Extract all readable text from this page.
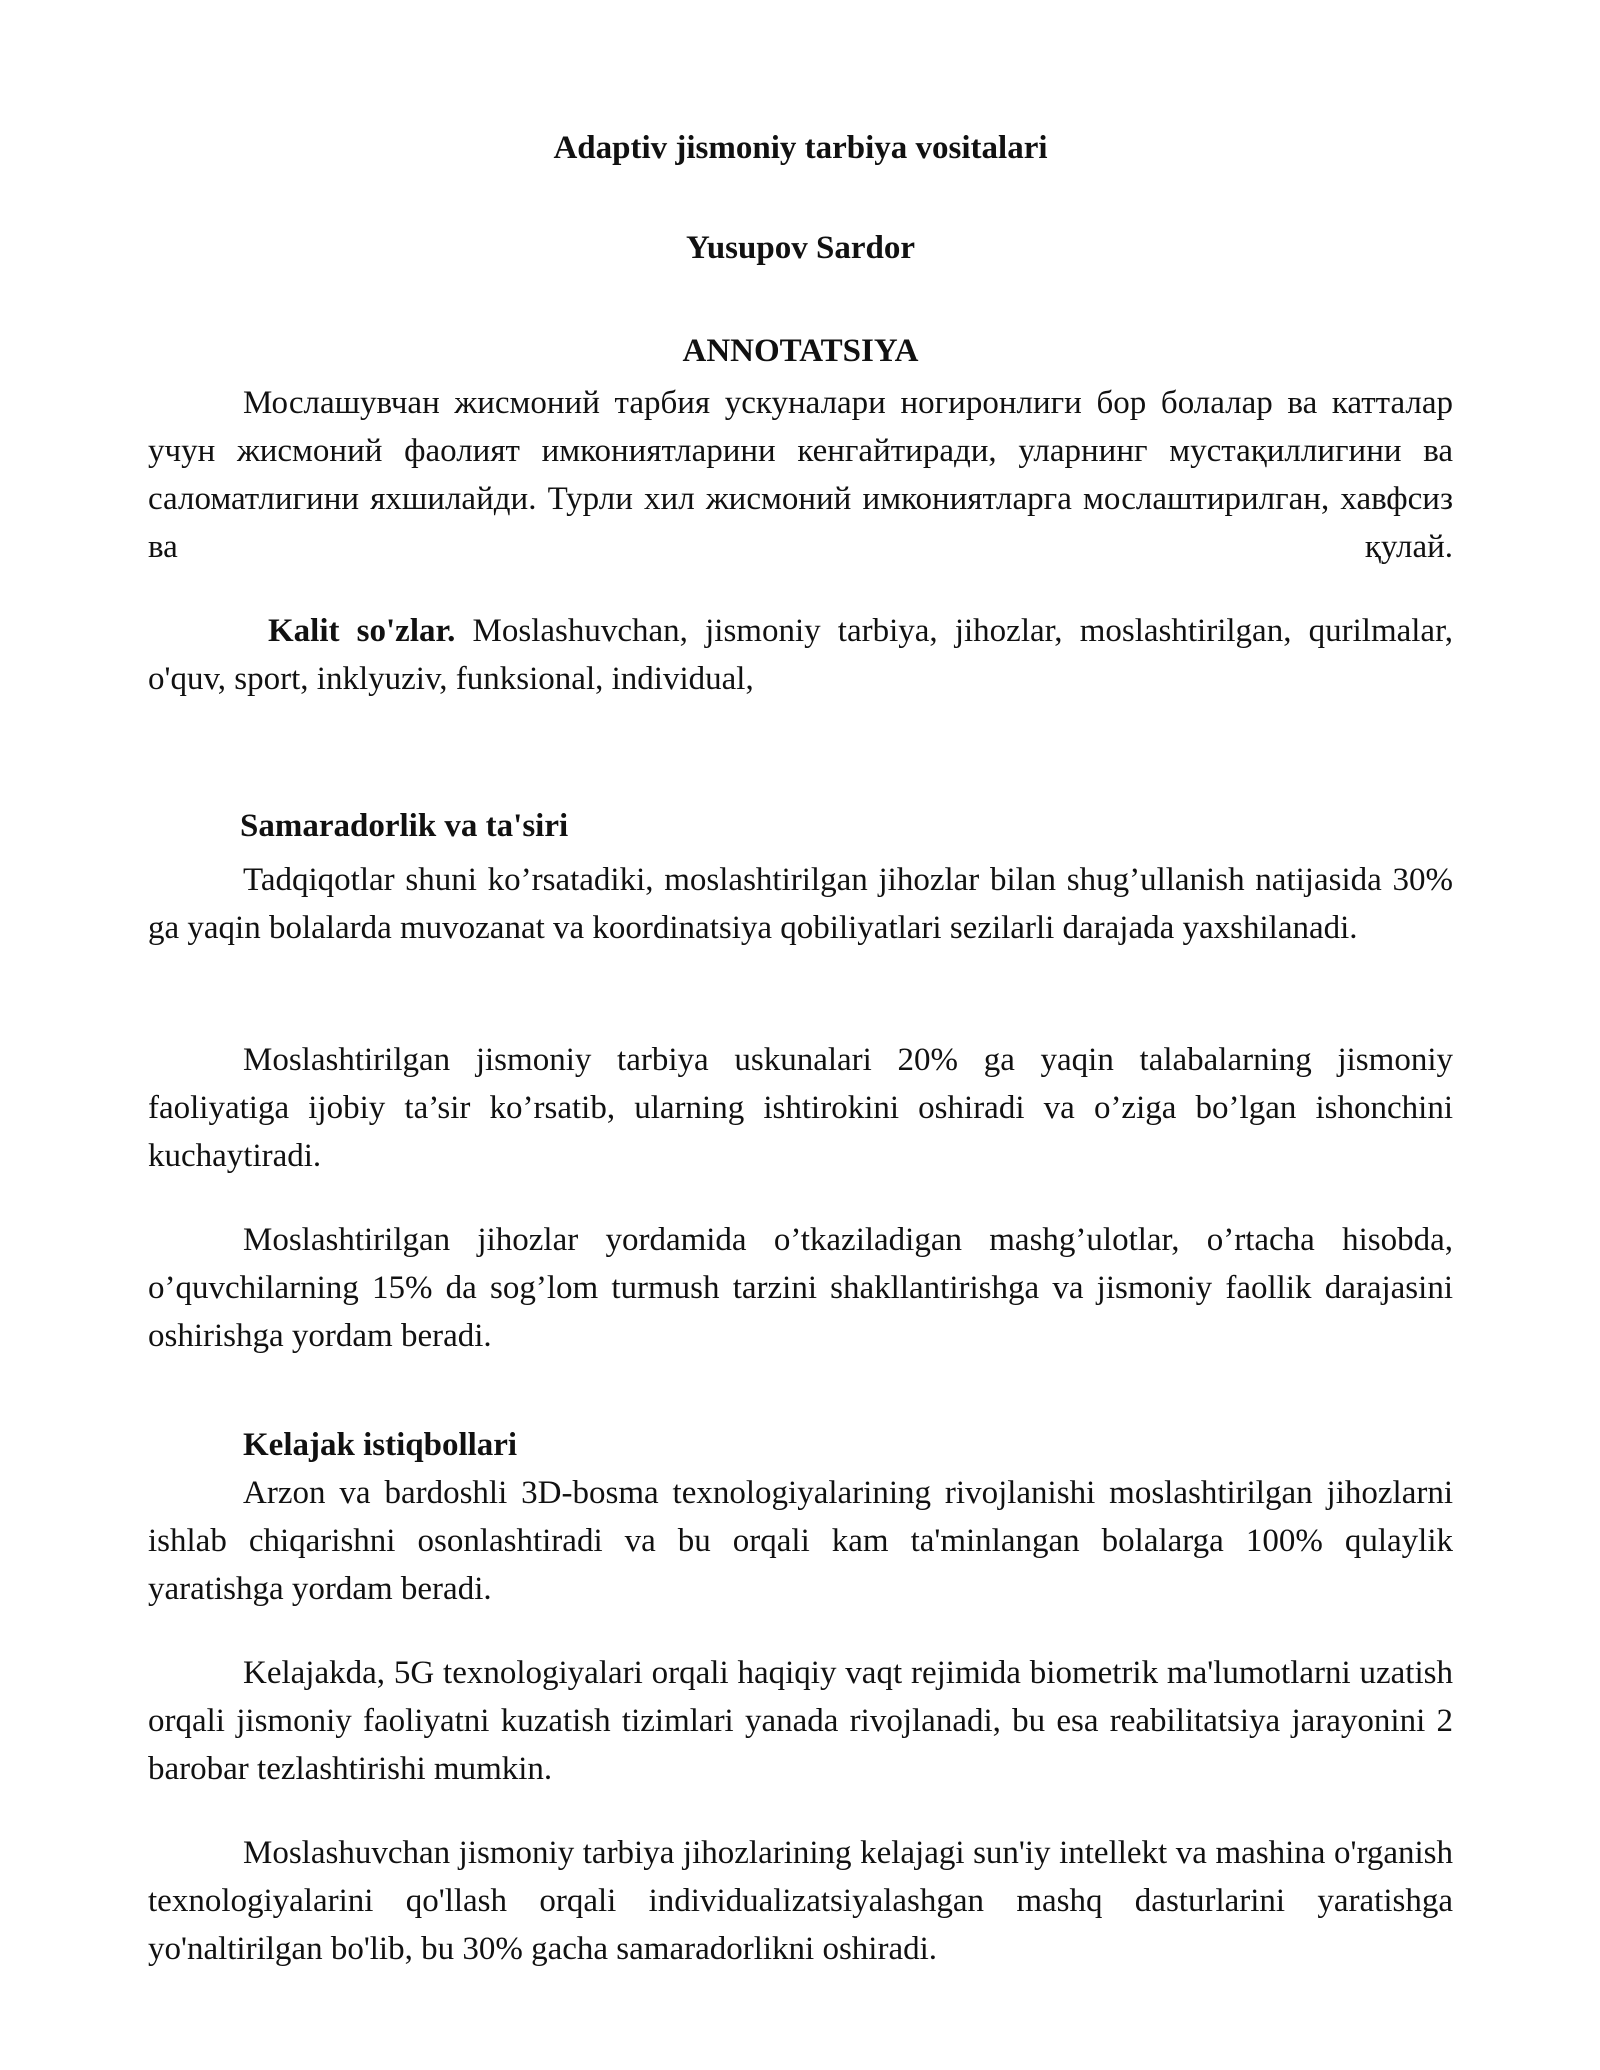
Adaptiv jismoniy tarbiya vositalari
Yusupov Sardor
ANNOTATSIYA

Мослашувчан жисмоний тарбия ускуналари ногиронлиги бор болалар ва катталар учун жисмоний фаолият имкониятларини кенгайтиради, уларнинг мустақиллигини ва саломатлигини яхшилайди. Турли хил жисмоний имкониятларга мослаштирилган, хавфсиз ва қулай.

Kalit so'zlar. Moslashuvchan, jismoniy tarbiya, jihozlar, moslashtirilgan, qurilmalar, o'quv, sport, inklyuziv, funksional, individual,

Samaradorlik va ta'siri

Tadqiqotlar shuni ko’rsatadiki, moslashtirilgan jihozlar bilan shug’ullanish natijasida 30% ga yaqin bolalarda muvozanat va koordinatsiya qobiliyatlari sezilarli darajada yaxshilanadi.

Moslashtirilgan jismoniy tarbiya uskunalari 20% ga yaqin talabalarning jismoniy faoliyatiga ijobiy ta’sir ko’rsatib, ularning ishtirokini oshiradi va o’ziga bo’lgan ishonchini kuchaytiradi.

Moslashtirilgan jihozlar yordamida o’tkaziladigan mashg’ulotlar, o’rtacha hisobda, o’quvchilarning 15% da sog’lom turmush tarzini shakllantirishga va jismoniy faollik darajasini oshirishga yordam beradi.

Kelajak istiqbollari

Arzon va bardoshli 3D-bosma texnologiyalarining rivojlanishi moslashtirilgan jihozlarni ishlab chiqarishni osonlashtiradi va bu orqali kam ta'minlangan bolalarga 100% qulaylik yaratishga yordam beradi.

Kelajakda, 5G texnologiyalari orqali haqiqiy vaqt rejimida biometrik ma'lumotlarni uzatish orqali jismoniy faoliyatni kuzatish tizimlari yanada rivojlanadi, bu esa reabilitatsiya jarayonini 2 barobar tezlashtirishi mumkin.

Moslashuvchan jismoniy tarbiya jihozlarining kelajagi sun'iy intellekt va mashina o'rganish texnologiyalarini qo'llash orqali individualizatsiyalashgan mashq dasturlarini yaratishga yo'naltirilgan bo'lib, bu 30% gacha samaradorlikni oshiradi.
